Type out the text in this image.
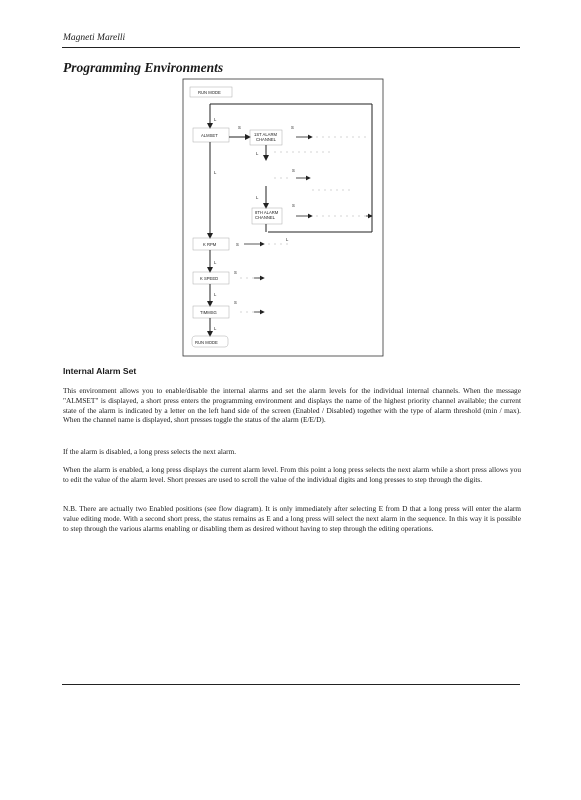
Magneti Marelli
Programming Environments
RUN MODE
L
ALMSET
S
1ST ALARM
CHANNEL
S
L
S
L
L
S
8TH ALARM
CHANNEL
L
K RPM	S
L
K SPEED
S
L
TIMMSG
S
L
RUN MODE
Internal Alarm Set

This environment allows you to enable/disable the internal alarms and set the alarm levels for the individual internal channels. When the message "ALMSET" is displayed, a short press enters the programming environment and displays the name of the highest priority channel available; the current state of the alarm is indicated by a letter on the left hand side of the screen (Enabled / Disabled) together with the type of alarm threshold (min / max). When the channel name is displayed, short presses toggle the status of the alarm (E/E/D).

If the alarm is disabled, a long press selects the next alarm.

When the alarm is enabled, a long press displays the current alarm level. From this point a long press selects the next alarm while a short press allows you to edit the value of the alarm level. Short presses are used to scroll the value of the individual digits and long presses to step through the digits.

N.B. There are actually two Enabled positions (see flow diagram). It is only immediately after selecting E from D that a long press will enter the alarm value editing mode. With a second short press, the status remains as E and a long press will select the next alarm in the sequence. In this way it is possible to step through the various alarms enabling or disabling them as desired without having to step through the editing operations.
